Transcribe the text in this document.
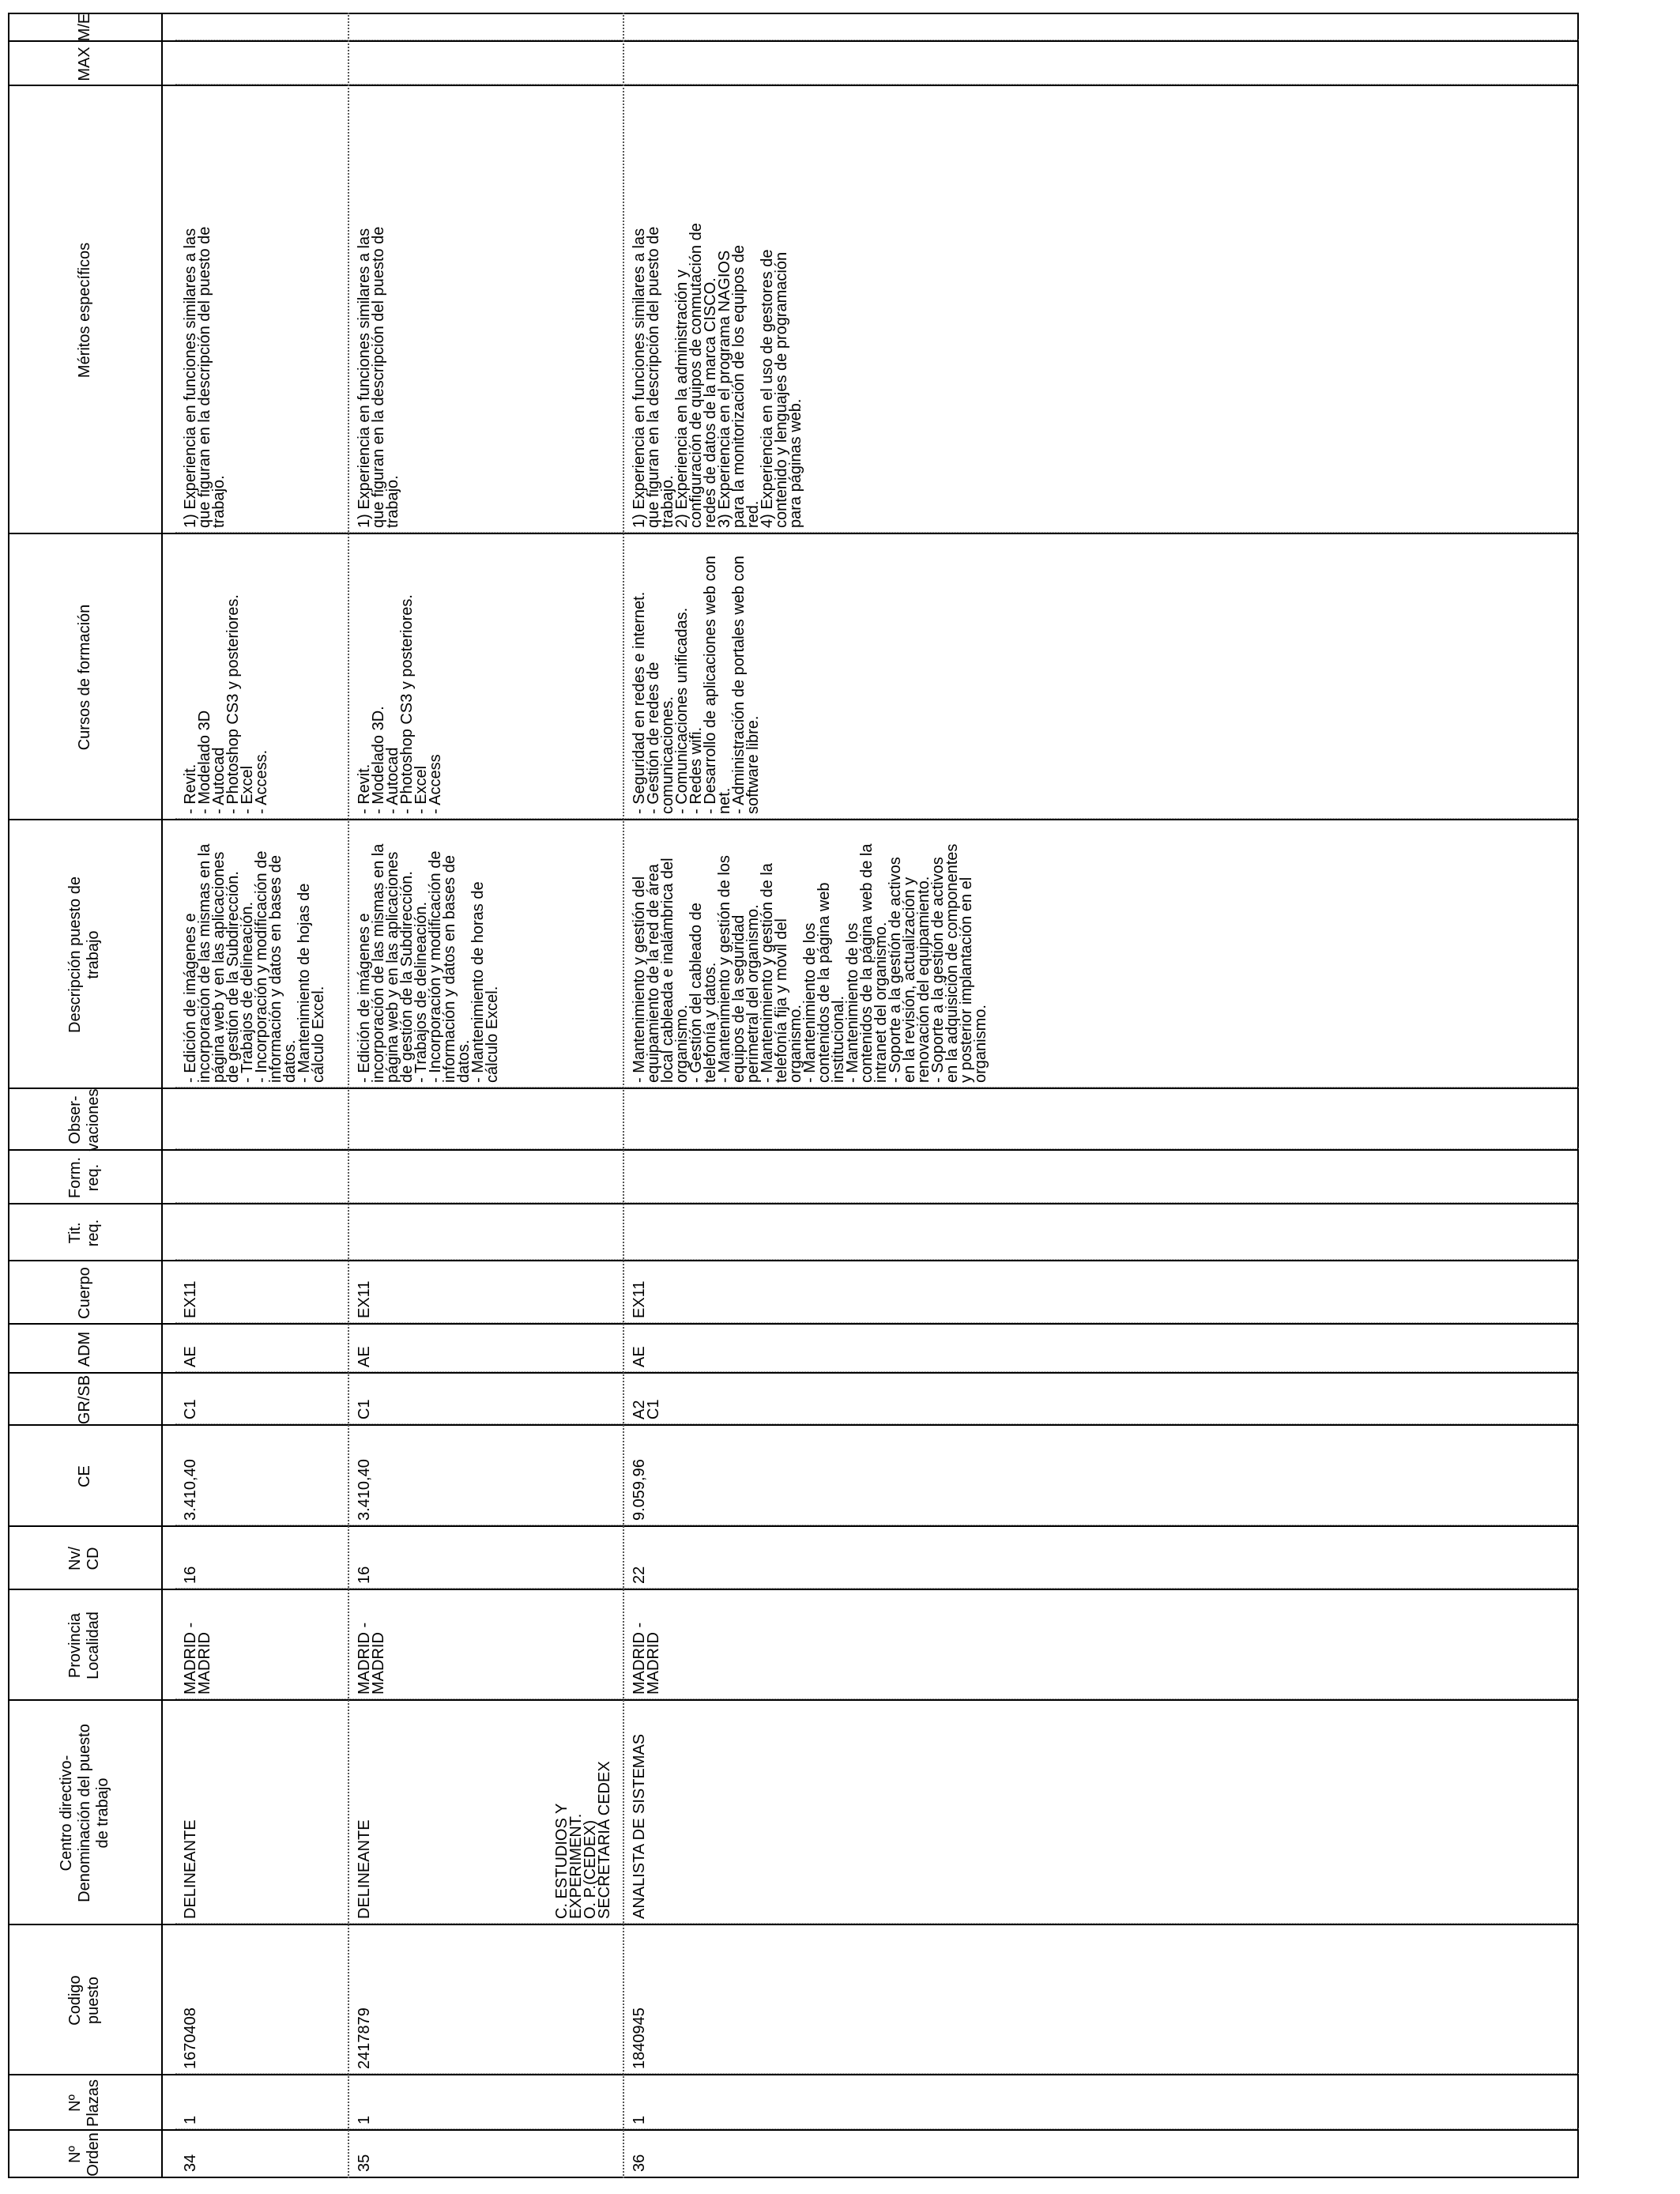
Nº
Orden
Nº
Plazas
Codigo
puesto
Centro directivo-
Denominación del puesto
de trabajo
Provincia
Localidad
Nv/
CD
CE
GR/SB
ADM
Cuerpo
Tit.
req.
Form.
req.
Obser-
vaciones
Descripción puesto de
trabajo
Cursos de formación
Méritos específicos
MAX
M/E
34
1
1670408
DELINEANTE
MADRID -
MADRID
16
3.410,40
C1
AE
EX11
- Edición de imágenes e
incorporación de las mismas en la
página web y en las aplicaciones
de gestión de la Subdirección.
- Trabajos de delineación.
- Incorporación y modificación de
información y datos en bases de
datos.
- Mantenimiento de hojas de
cálculo Excel.
- Revit.
- Modelado 3D
- Autocad
- Photoshop CS3 y posteriores.
- Excel
- Access.
1) Experiencia en funciones similares a las
que figuran en la descripción del puesto de
trabajo.
35
1
2417879
DELINEANTE
MADRID -
MADRID
16
3.410,40
C1
AE
EX11
- Edición de imágenes e
incorporación de las mismas en la
página web y en las aplicaciones
de gestión de la Subdirección.
- Trabajos de delineación.
- Incorporación y modificación de
información y datos en bases de
datos.
- Mantenimiento de horas de
cálculo Excel.
- Revit.
- Modelado 3D.
- Autocad
- Photoshop CS3 y posteriores.
- Excel
- Access
1) Experiencia en funciones similares a las
que figuran en la descripción del puesto de
trabajo.
36
1
1840945
ANALISTA DE SISTEMAS
MADRID -
MADRID
22
9.059,96
A2
C1
AE
EX11
- Mantenimiento y gestión del
equipamiento de la red de área
local cableada e inalámbrica del
organismo.
- Gestión del cableado de
telefonía y datos.
- Mantenimiento y gestión de los
equipos de la seguridad
perimetral del organismo.
- Mantenimiento y gestión de la
telefonía fija y móvil del
organismo.
- Mantenimiento de los
contenidos de la página web
institucional.
- Mantenimiento de los
contenidos de la página web de la
intranet del organismo.
- Soporte a la gestión de activos
en la revisión, actualización y
renovación del equipamiento.
- Soporte a la gestión de activos
en la adquisición de componentes
y posterior implantación en el
organismo.
- Seguridad en redes e internet.
- Gestión de redes de
comunicaciones.
- Comunicaciones unificadas.
- Redes wifi.
- Desarrollo de aplicaciones web con
net.
- Administración de portales web con
software libre.
1) Experiencia en funciones similares a las
que figuran en la descripción del puesto de
trabajo.
2) Experiencia en la administración y
configuración de quipos de conmutación de
redes de datos de la marca CISCO.
3) Experiencia en el programa NAGIOS
para la monitorización de los equipos de
red.
4) Experiencia en el uso de gestores de
contenido y lenguajes de programación
para páginas web.
C. ESTUDIOS Y EXPERIMENT.
O. P.(CEDEX)
SECRETARIA CEDEX
